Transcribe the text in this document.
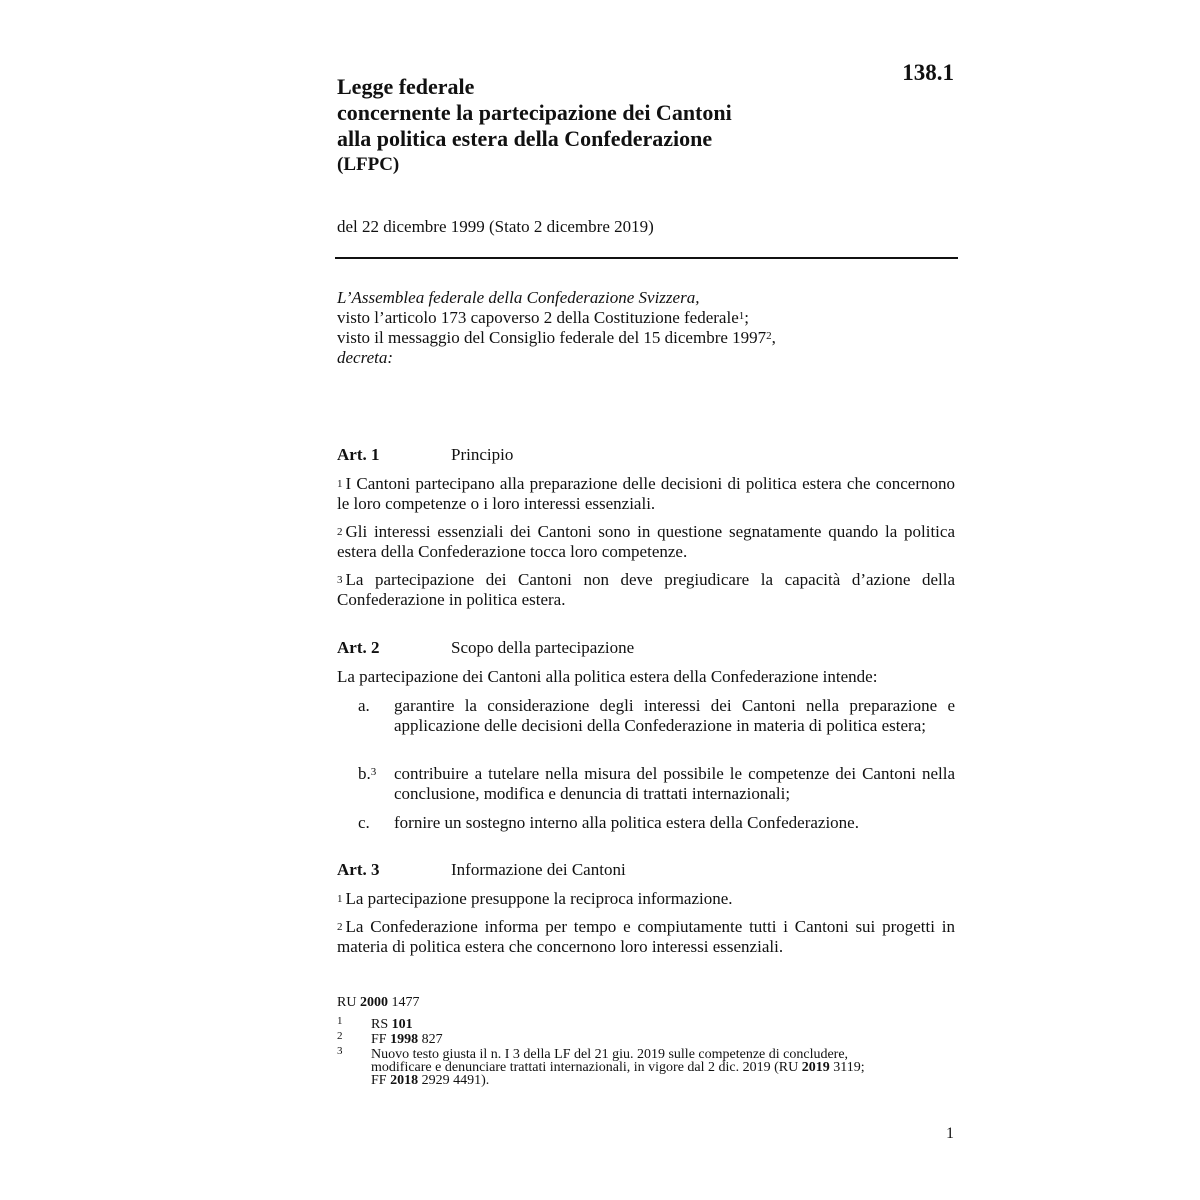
138.1
Legge federale
concernente la partecipazione dei Cantoni
alla politica estera della Confederazione
(LFPC)
del 22 dicembre 1999 (Stato 2 dicembre 2019)
L’Assemblea federale della Confederazione Svizzera,
visto l’articolo 173 capoverso 2 della Costituzione federale$^1$;
visto il messaggio del Consiglio federale del 15 dicembre 1997$^2$,
decreta:
Art. 1	Principio
$^1$ I Cantoni partecipano alla preparazione delle decisioni di politica estera che concernono le loro competenze o i loro interessi essenziali.
$^2$ Gli interessi essenziali dei Cantoni sono in questione segnatamente quando la politica estera della Confederazione tocca loro competenze.
$^3$ La partecipazione dei Cantoni non deve pregiudicare la capacità d’azione della Confederazione in politica estera.
Art. 2	Scopo della partecipazione
La partecipazione dei Cantoni alla politica estera della Confederazione intende:
a. garantire la considerazione degli interessi dei Cantoni nella preparazione e applicazione delle decisioni della Confederazione in materia di politica estera;
b.$^3$ contribuire a tutelare nella misura del possibile le competenze dei Cantoni nella conclusione, modifica e denuncia di trattati internazionali;
c. fornire un sostegno interno alla politica estera della Confederazione.
Art. 3	Informazione dei Cantoni
$^1$ La partecipazione presuppone la reciproca informazione.
$^2$ La Confederazione informa per tempo e compiutamente tutti i Cantoni sui progetti in materia di politica estera che concernono loro interessi essenziali.
RU 2000 1477
1 RS 101
2 FF 1998 827
3 Nuovo testo giusta il n. I 3 della LF del 21 giu. 2019 sulle competenze di concludere,
modificare e denunciare trattati internazionali, in vigore dal 2 dic. 2019 (RU 2019 3119;
FF 2018 2929 4491).
1
